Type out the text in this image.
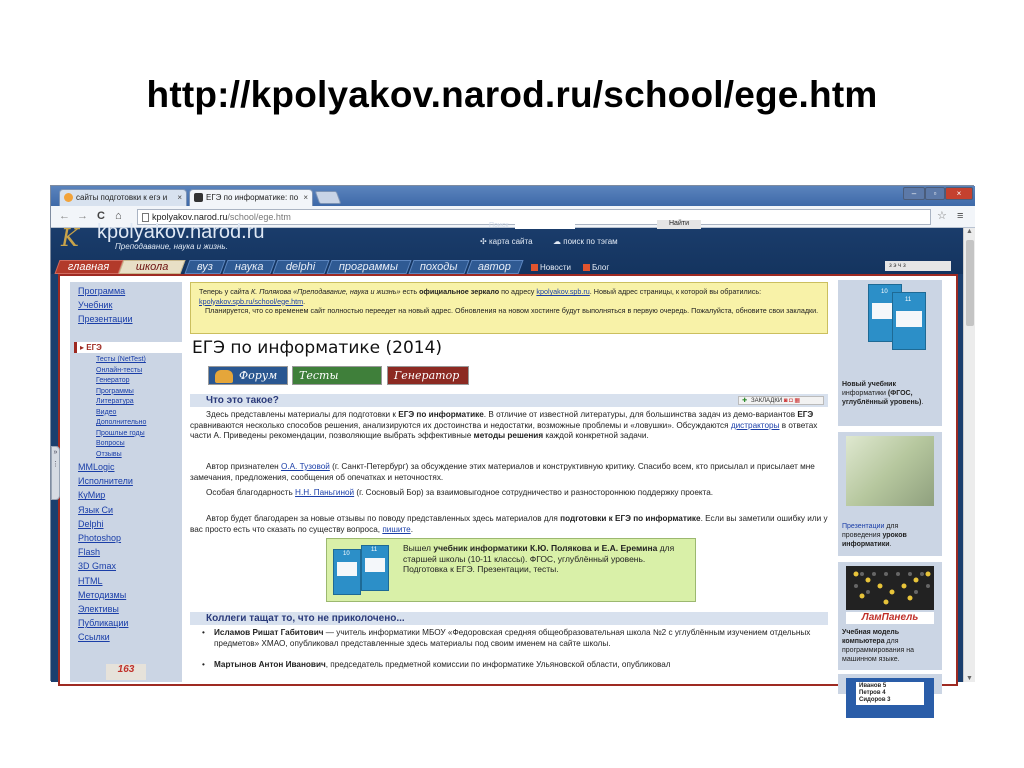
http://kpolyakov.narod.ru/school/ege.htm
сайты подготовки к егэ и ×	ЕГЭ по информатике: по ×	–	▫	×
← → C ⌂	kpolyakov.narod.ru/school/ege.htm	☆ ≡
K kpolyakov.narod.ru
Преподавание, наука и жизнь.
Поиск	Найти
✣ карта сайта	☁ поиск по тэгам
главная	школа	вуз	наука	delphi	программы	походы	автор	Новости	Блог	з э ч з
Программа
Учебник
Презентации
▸ ЕГЭ
Тесты (NetTest)
Онлайн-тесты
Генератор
Программы
Литература
Видео
Дополнительно
Прошлые годы
Вопросы
Отзывы
MMLogic
Исполнители
КуМир
Язык Си
Delphi
Photoshop
Flash
3D Gmax
HTML
Методизмы
Элективы
Публикации
Ссылки
163
Теперь у сайта К. Полякова «Преподавание, наука и жизнь» есть официальное зеркало по адресу kpolyakov.spb.ru. Новый адрес страницы, к которой вы обратились: kpolyakov.spb.ru/school/ege.htm.
Планируется, что со временем сайт полностью переедет на новый адрес. Обновления на новом хостинге будут выполняться в первую очередь. Пожалуйста, обновите свои закладки.
ЕГЭ по информатике (2014)
Форум	Тесты	Генератор
Что это такое?	✚ ЗАКЛАДКИ ◙ ◘ ▦
Здесь представлены материалы для подготовки к ЕГЭ по информатике. В отличие от известной литературы, для большинства задач из демо-вариантов ЕГЭ сравниваются несколько способов решения, анализируются их достоинства и недостатки, возможные проблемы и «ловушки». Обсуждаются дистракторы в ответах части А. Приведены рекомендации, позволяющие выбрать эффективные методы решения каждой конкретной задачи.
Автор признателен О.А. Тузовой (г. Санкт-Петербург) за обсуждение этих материалов и конструктивную критику. Спасибо всем, кто присылал и присылает мне замечания, предложения, сообщения об опечатках и неточностях.
Особая благодарность Н.Н. Паньгиной (г. Сосновый Бор) за взаимовыгодное сотрудничество и разностороннюю поддержку проекта.
Автор будет благодарен за новые отзывы по поводу представленных здесь материалов для подготовки к ЕГЭ по информатике. Если вы заметили ошибку или у вас просто есть что сказать по существу вопроса, пишите.
10
11	Вышел учебник информатики К.Ю. Полякова и Е.А. Еремина для старшей школы (10-11 классы). ФГОС, углублённый уровень. Подготовка к ЕГЭ. Презентации, тесты.
Коллеги тащат то, что не приколочено...
• Исламов Ришат Габитович — учитель информатики МБОУ «Федоровская средняя общеобразовательная школа №2 с углублённым изучением отдельных предметов» ХМАО, опубликовал представленные здесь материалы под своим именем на сайте школы.
• Мартынов Антон Иванович, председатель предметной комиссии по информатике Ульяновской области, опубликовал
10
11
Новый учебник информатики (ФГОС, углублённый уровень).
Презентации для проведения уроков информатики.
ЛамПанель
Учебная модель компьютера для программирования на машинном языке.
Иванов 5
Петров 4
Сидоров 3
»
⋮
▲
▼
